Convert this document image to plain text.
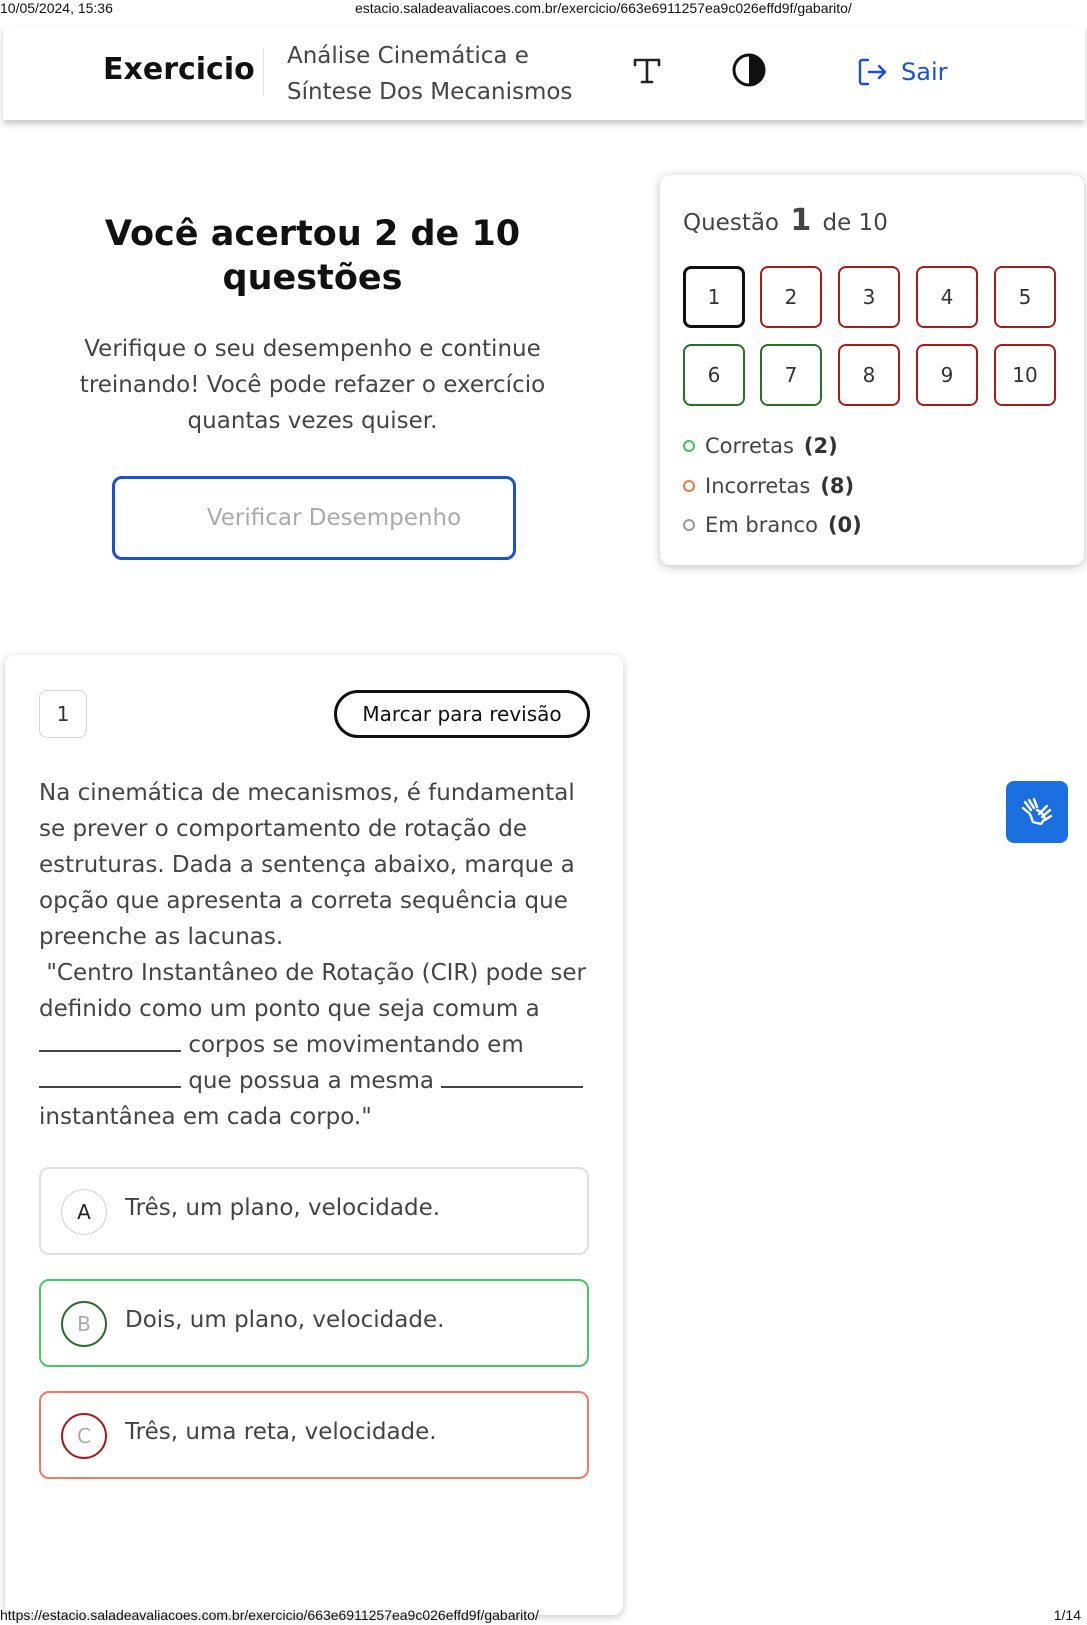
10/05/2024, 15:36	estacio.saladeavaliacoes.com.br/exercicio/663e6911257ea9c026effd9f/gabarito/
Exercicio Análise Cinemática e
Síntese Dos Mecanismos
Sair
Você acertou 2 de 10 questões
Verifique o seu desempenho e continue treinando! Você pode refazer o exercício quantas vezes quiser.
Verificar Desempenho
Questão 1 de 10
1	2	3	4	5
6	7	8	9	10
Corretas (2)
Incorretas (8)
Em branco (0)
1	Marcar para revisão

Na cinemática de mecanismos, é fundamental se prever o comportamento de rotação de estruturas. Dada a sentença abaixo, marque a opção que apresenta a correta sequência que preenche as lacunas.

"Centro Instantâneo de Rotação (CIR) pode ser definido como um ponto que seja comum a
corpos se movimentando em
que possua a mesma
instantânea em cada corpo."

A	Três, um plano, velocidade.
B	Dois, um plano, velocidade.
C	Três, uma reta, velocidade.
https://estacio.saladeavaliacoes.com.br/exercicio/663e6911257ea9c026effd9f/gabarito/	1/14
